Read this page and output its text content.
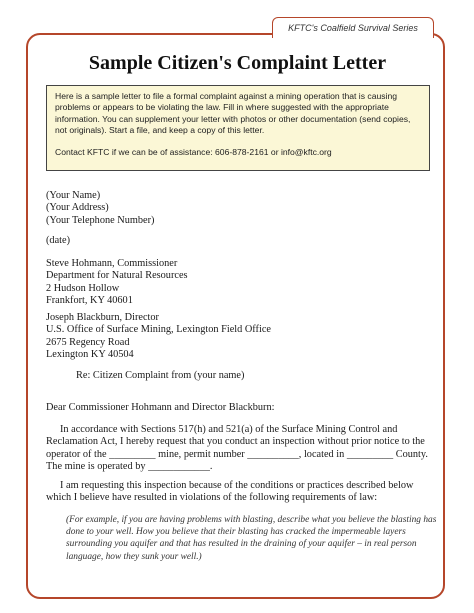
KFTC's Coalfield Survival Series
Sample Citizen's Complaint Letter

Here is a sample letter to file a formal complaint against a mining operation that is causing problems or appears to be violating the law. Fill in where suggested with the appropriate information. You can supplement your letter with photos or other documentation (send copies, not originals). Start a file, and keep a copy of this letter.

Contact KFTC if we can be of assistance: 606-878-2161 or info@kftc.org

(Your Name)
(Your Address)
(Your Telephone Number)
(date)
Steve Hohmann, Commissioner
Department for Natural Resources
2 Hudson Hollow
Frankfort, KY 40601
Joseph Blackburn, Director
U.S. Office of Surface Mining, Lexington Field Office
2675 Regency Road
Lexington KY 40504
Re: Citizen Complaint from (your name)
Dear Commissioner Hohmann and Director Blackburn:
In accordance with Sections 517(h) and 521(a) of the Surface Mining Control and Reclamation Act, I hereby request that you conduct an inspection without prior notice to the operator of the _________ mine, permit number __________, located in _________ County. The mine is operated by ____________.
I am requesting this inspection because of the conditions or practices described below which I believe have resulted in violations of the following requirements of law:
(For example, if you are having problems with blasting, describe what you believe the blasting has done to your well. How you believe that their blasting has cracked the impermeable layers surrounding you aquifer and that has resulted in the draining of your aquifer – in real person language, how they sunk your well.)
